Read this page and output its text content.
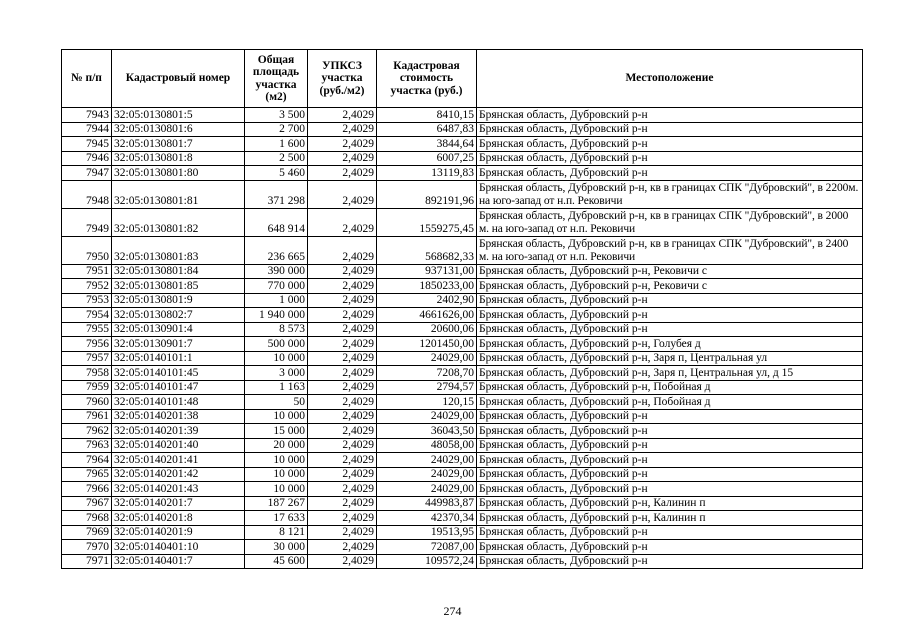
№ п/п	Кадастровый номер	Общая площадь участка (м2)	УПКСЗ участка (руб./м2)	Кадастровая стоимость участка (руб.)	Местоположение
7943	32:05:0130801:5	3 500	2,4029	8410,15	Брянская область, Дубровский р-н
7944	32:05:0130801:6	2 700	2,4029	6487,83	Брянская область, Дубровский р-н
7945	32:05:0130801:7	1 600	2,4029	3844,64	Брянская область, Дубровский р-н
7946	32:05:0130801:8	2 500	2,4029	6007,25	Брянская область, Дубровский р-н
7947	32:05:0130801:80	5 460	2,4029	13119,83	Брянская область, Дубровский р-н
7948	32:05:0130801:81	371 298	2,4029	892191,96	Брянская область, Дубровский р-н, кв в границах СПК "Дубровский", в 2200м. на юго-запад от н.п. Рековичи
7949	32:05:0130801:82	648 914	2,4029	1559275,45	Брянская область, Дубровский р-н, кв в границах СПК "Дубровский", в 2000 м. на юго-запад от н.п. Рековичи
7950	32:05:0130801:83	236 665	2,4029	568682,33	Брянская область, Дубровский р-н, кв в границах СПК "Дубровский", в 2400 м. на юго-запад от н.п. Рековичи
7951	32:05:0130801:84	390 000	2,4029	937131,00	Брянская область, Дубровский р-н, Рековичи с
7952	32:05:0130801:85	770 000	2,4029	1850233,00	Брянская область, Дубровский р-н, Рековичи с
7953	32:05:0130801:9	1 000	2,4029	2402,90	Брянская область, Дубровский р-н
7954	32:05:0130802:7	1 940 000	2,4029	4661626,00	Брянская область, Дубровский р-н
7955	32:05:0130901:4	8 573	2,4029	20600,06	Брянская область, Дубровский р-н
7956	32:05:0130901:7	500 000	2,4029	1201450,00	Брянская область, Дубровский р-н, Голубея д
7957	32:05:0140101:1	10 000	2,4029	24029,00	Брянская область, Дубровский р-н, Заря п, Центральная ул
7958	32:05:0140101:45	3 000	2,4029	7208,70	Брянская область, Дубровский р-н, Заря п, Центральная ул, д 15
7959	32:05:0140101:47	1 163	2,4029	2794,57	Брянская область, Дубровский р-н, Побойная д
7960	32:05:0140101:48	50	2,4029	120,15	Брянская область, Дубровский р-н, Побойная д
7961	32:05:0140201:38	10 000	2,4029	24029,00	Брянская область, Дубровский р-н
7962	32:05:0140201:39	15 000	2,4029	36043,50	Брянская область, Дубровский р-н
7963	32:05:0140201:40	20 000	2,4029	48058,00	Брянская область, Дубровский р-н
7964	32:05:0140201:41	10 000	2,4029	24029,00	Брянская область, Дубровский р-н
7965	32:05:0140201:42	10 000	2,4029	24029,00	Брянская область, Дубровский р-н
7966	32:05:0140201:43	10 000	2,4029	24029,00	Брянская область, Дубровский р-н
7967	32:05:0140201:7	187 267	2,4029	449983,87	Брянская область, Дубровский р-н, Калинин п
7968	32:05:0140201:8	17 633	2,4029	42370,34	Брянская область, Дубровский р-н, Калинин п
7969	32:05:0140201:9	8 121	2,4029	19513,95	Брянская область, Дубровский р-н
7970	32:05:0140401:10	30 000	2,4029	72087,00	Брянская область, Дубровский р-н
7971	32:05:0140401:7	45 600	2,4029	109572,24	Брянская область, Дубровский р-н
274
